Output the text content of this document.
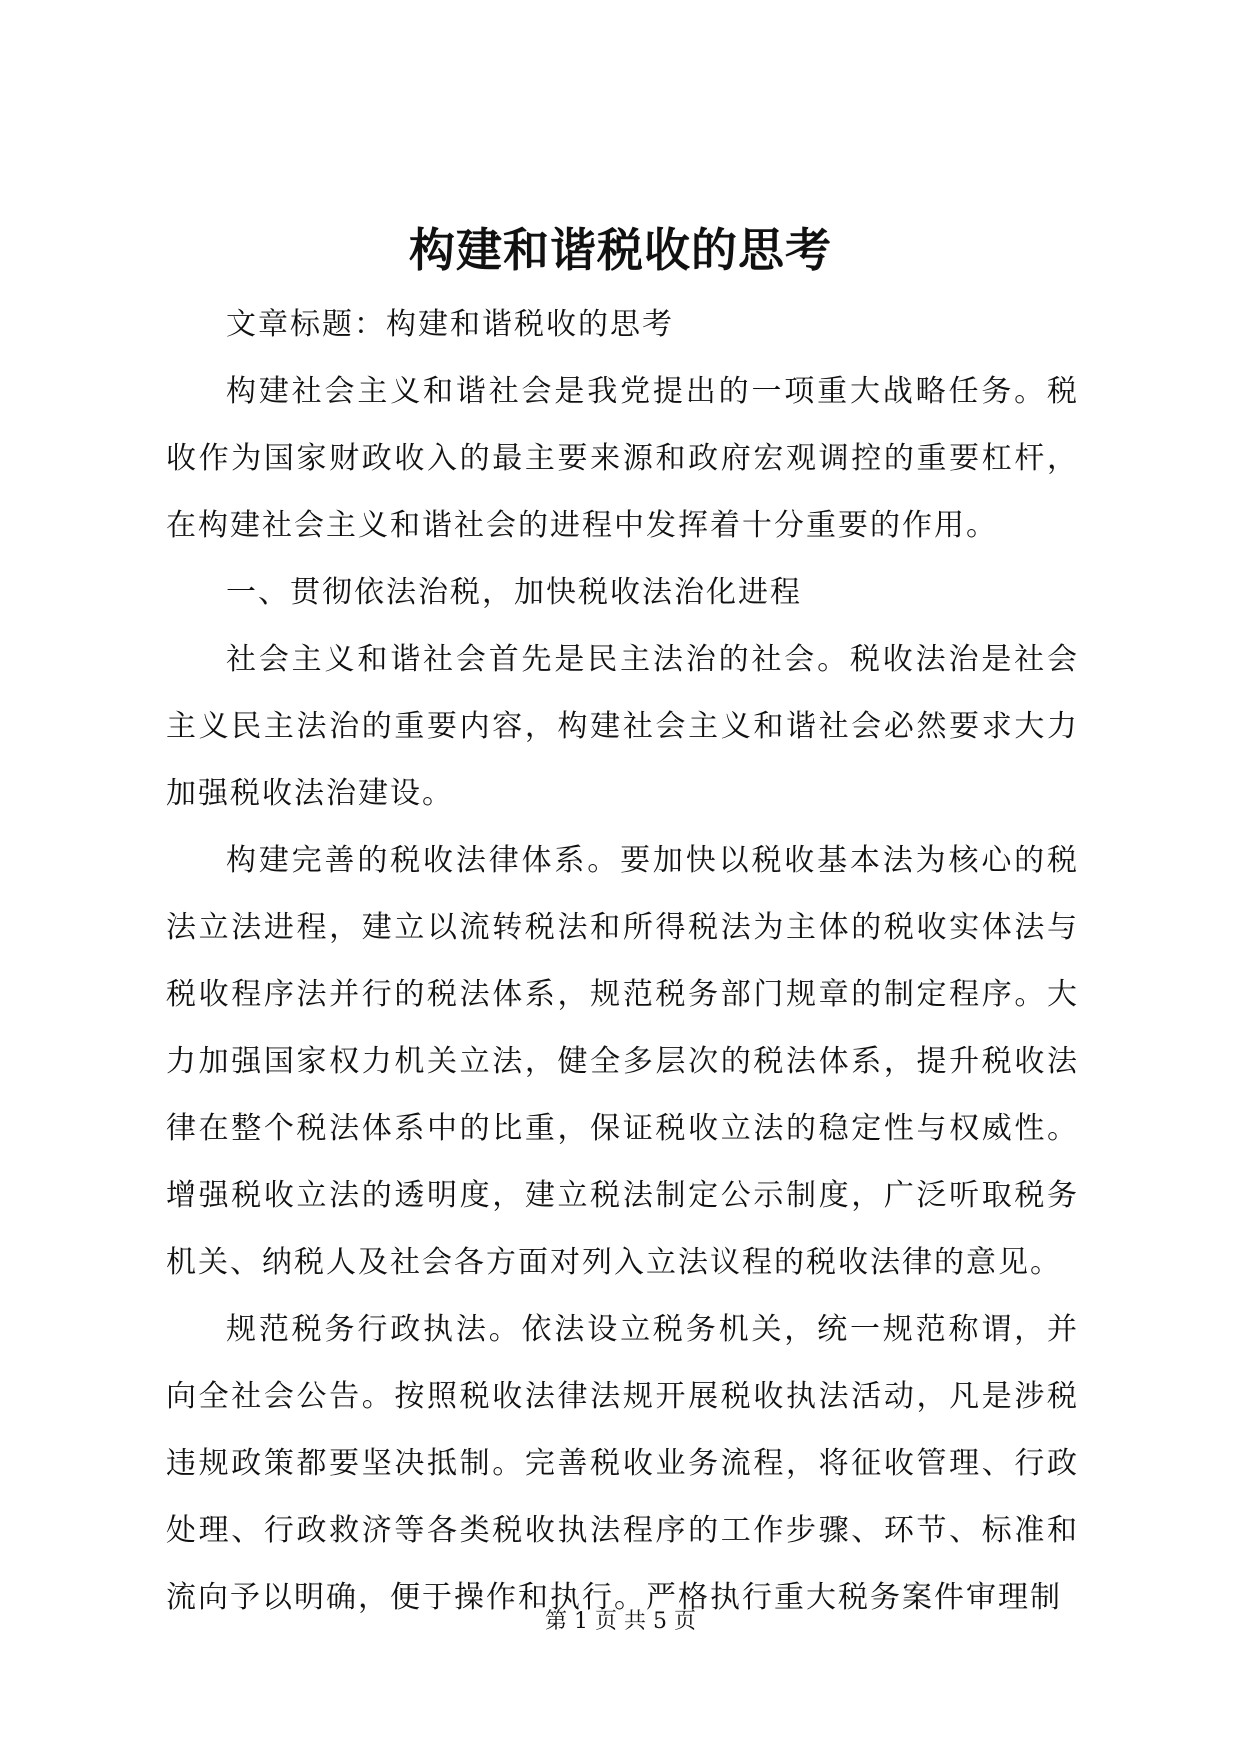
构建和谐税收的思考

文章标题：构建和谐税收的思考

构建社会主义和谐社会是我党提出的一项重大战略任务。税收作为国家财政收入的最主要来源和政府宏观调控的重要杠杆，在构建社会主义和谐社会的进程中发挥着十分重要的作用。

一、贯彻依法治税，加快税收法治化进程

社会主义和谐社会首先是民主法治的社会。税收法治是社会主义民主法治的重要内容，构建社会主义和谐社会必然要求大力加强税收法治建设。

构建完善的税收法律体系。要加快以税收基本法为核心的税法立法进程，建立以流转税法和所得税法为主体的税收实体法与税收程序法并行的税法体系，规范税务部门规章的制定程序。大力加强国家权力机关立法，健全多层次的税法体系，提升税收法律在整个税法体系中的比重，保证税收立法的稳定性与权威性。增强税收立法的透明度，建立税法制定公示制度，广泛听取税务机关、纳税人及社会各方面对列入立法议程的税收法律的意见。

规范税务行政执法。依法设立税务机关，统一规范称谓，并向全社会公告。按照税收法律法规开展税收执法活动，凡是涉税违规政策都要坚决抵制。完善税收业务流程，将征收管理、行政处理、行政救济等各类税收执法程序的工作步骤、环节、标准和流向予以明确，便于操作和执行。严格执行重大税务案件审理制

第 1 页 共 5 页
